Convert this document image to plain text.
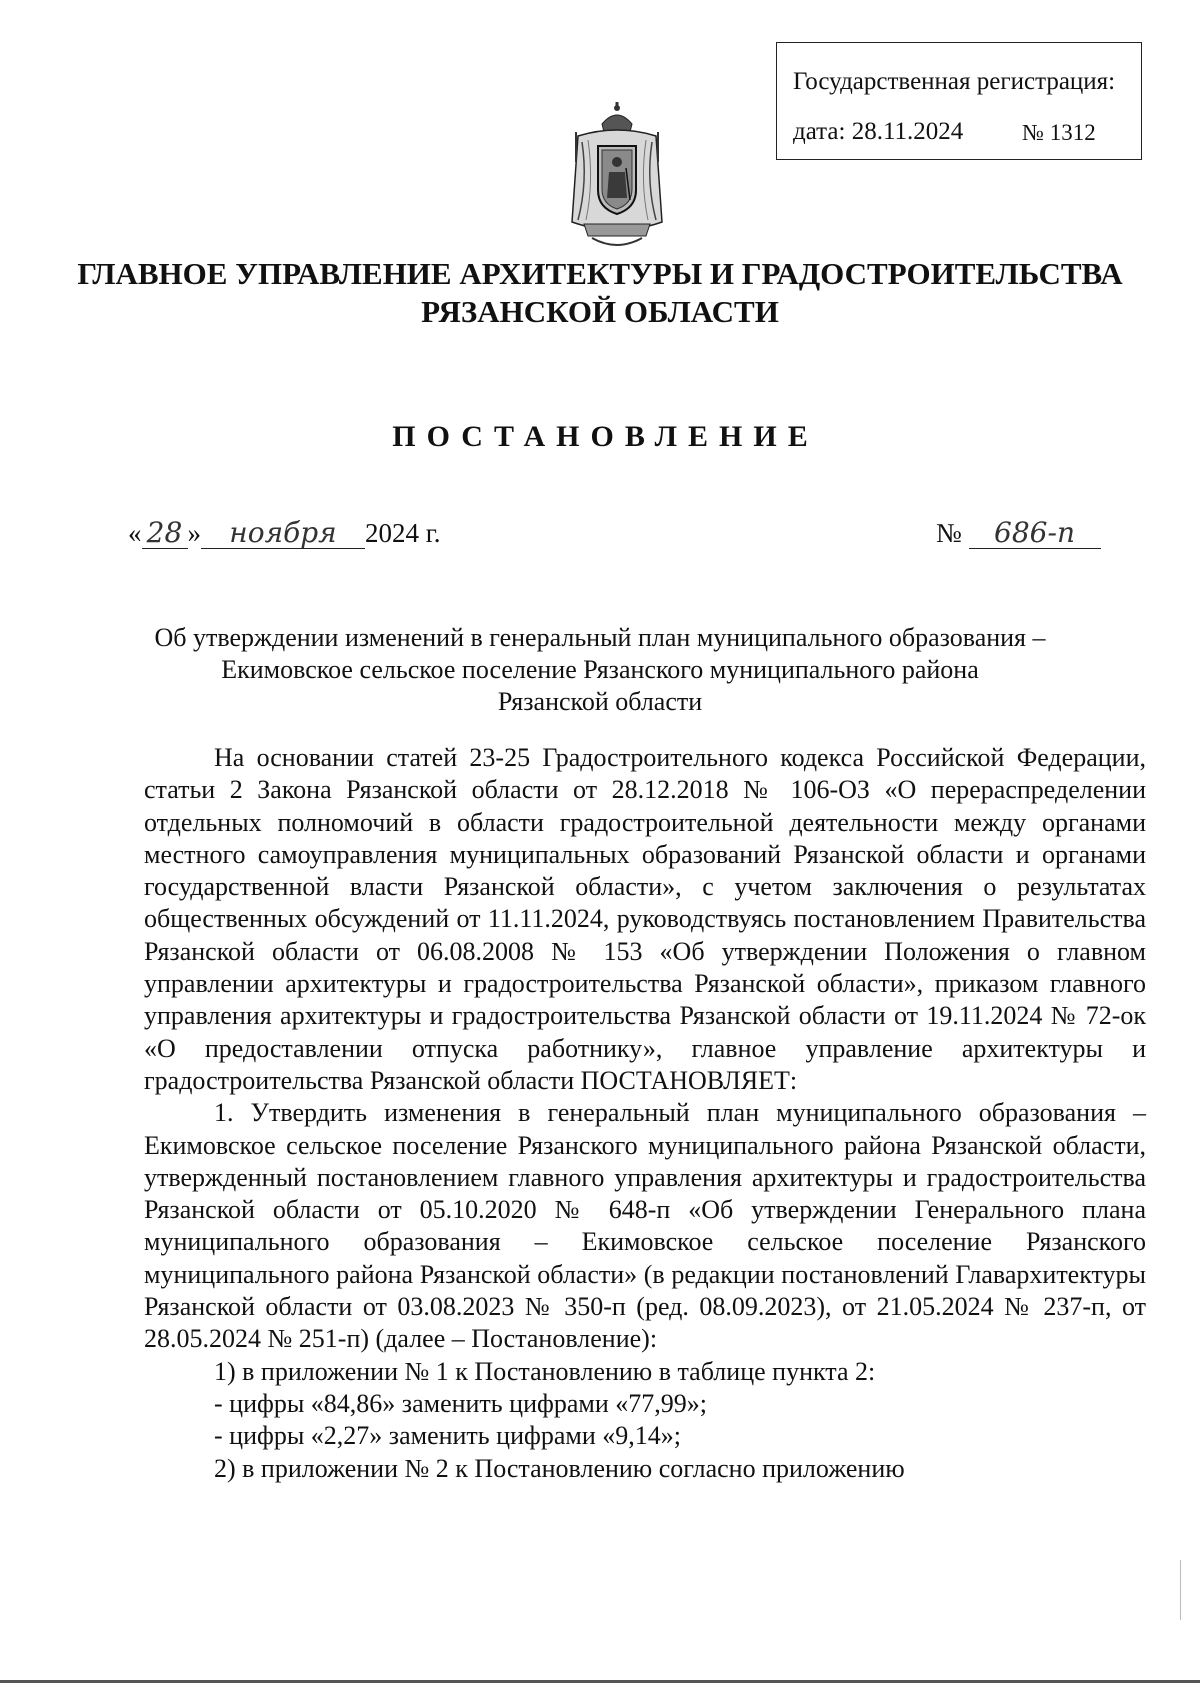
Государственная регистрация:
дата: 28.11.2024	№ 1312
ГЛАВНОЕ УПРАВЛЕНИЕ АРХИТЕКТУРЫ И ГРАДОСТРОИТЕЛЬСТВА
РЯЗАНСКОЙ ОБЛАСТИ
ПОСТАНОВЛЕНИЕ
« 28 » ноября 2024 г.	№ 686-п
Об утверждении изменений в генеральный план муниципального образования –
Екимовское сельское поселение Рязанского муниципального района
Рязанской области

На основании статей 23-25 Градостроительного кодекса Российской Федерации, статьи 2 Закона Рязанской области от 28.12.2018 № 106-ОЗ «О перераспределении отдельных полномочий в области градостроительной деятельности между органами местного самоуправления муниципальных образований Рязанской области и органами государственной власти Рязанской области», с учетом заключения о результатах общественных обсуждений от 11.11.2024, руководствуясь постановлением Правительства Рязанской области от 06.08.2008 № 153 «Об утверждении Положения о главном управлении архитектуры и градостроительства Рязанской области», приказом главного управления архитектуры и градостроительства Рязанской области от 19.11.2024 № 72-ок «О предоставлении отпуска работнику», главное управление архитектуры и градостроительства Рязанской области ПОСТАНОВЛЯЕТ:

1. Утвердить изменения в генеральный план муниципального образования – Екимовское сельское поселение Рязанского муниципального района Рязанской области, утвержденный постановлением главного управления архитектуры и градостроительства Рязанской области от 05.10.2020 № 648-п «Об утверждении Генерального плана муниципального образования – Екимовское сельское поселение Рязанского муниципального района Рязанской области» (в редакции постановлений Главархитектуры Рязанской области от 03.08.2023 № 350-п (ред. 08.09.2023), от 21.05.2024 № 237-п, от 28.05.2024 № 251-п) (далее – Постановление):

1) в приложении № 1 к Постановлению в таблице пункта 2:

- цифры «84,86» заменить цифрами «77,99»;

- цифры «2,27» заменить цифрами «9,14»;

2) в приложении № 2 к Постановлению согласно приложению
